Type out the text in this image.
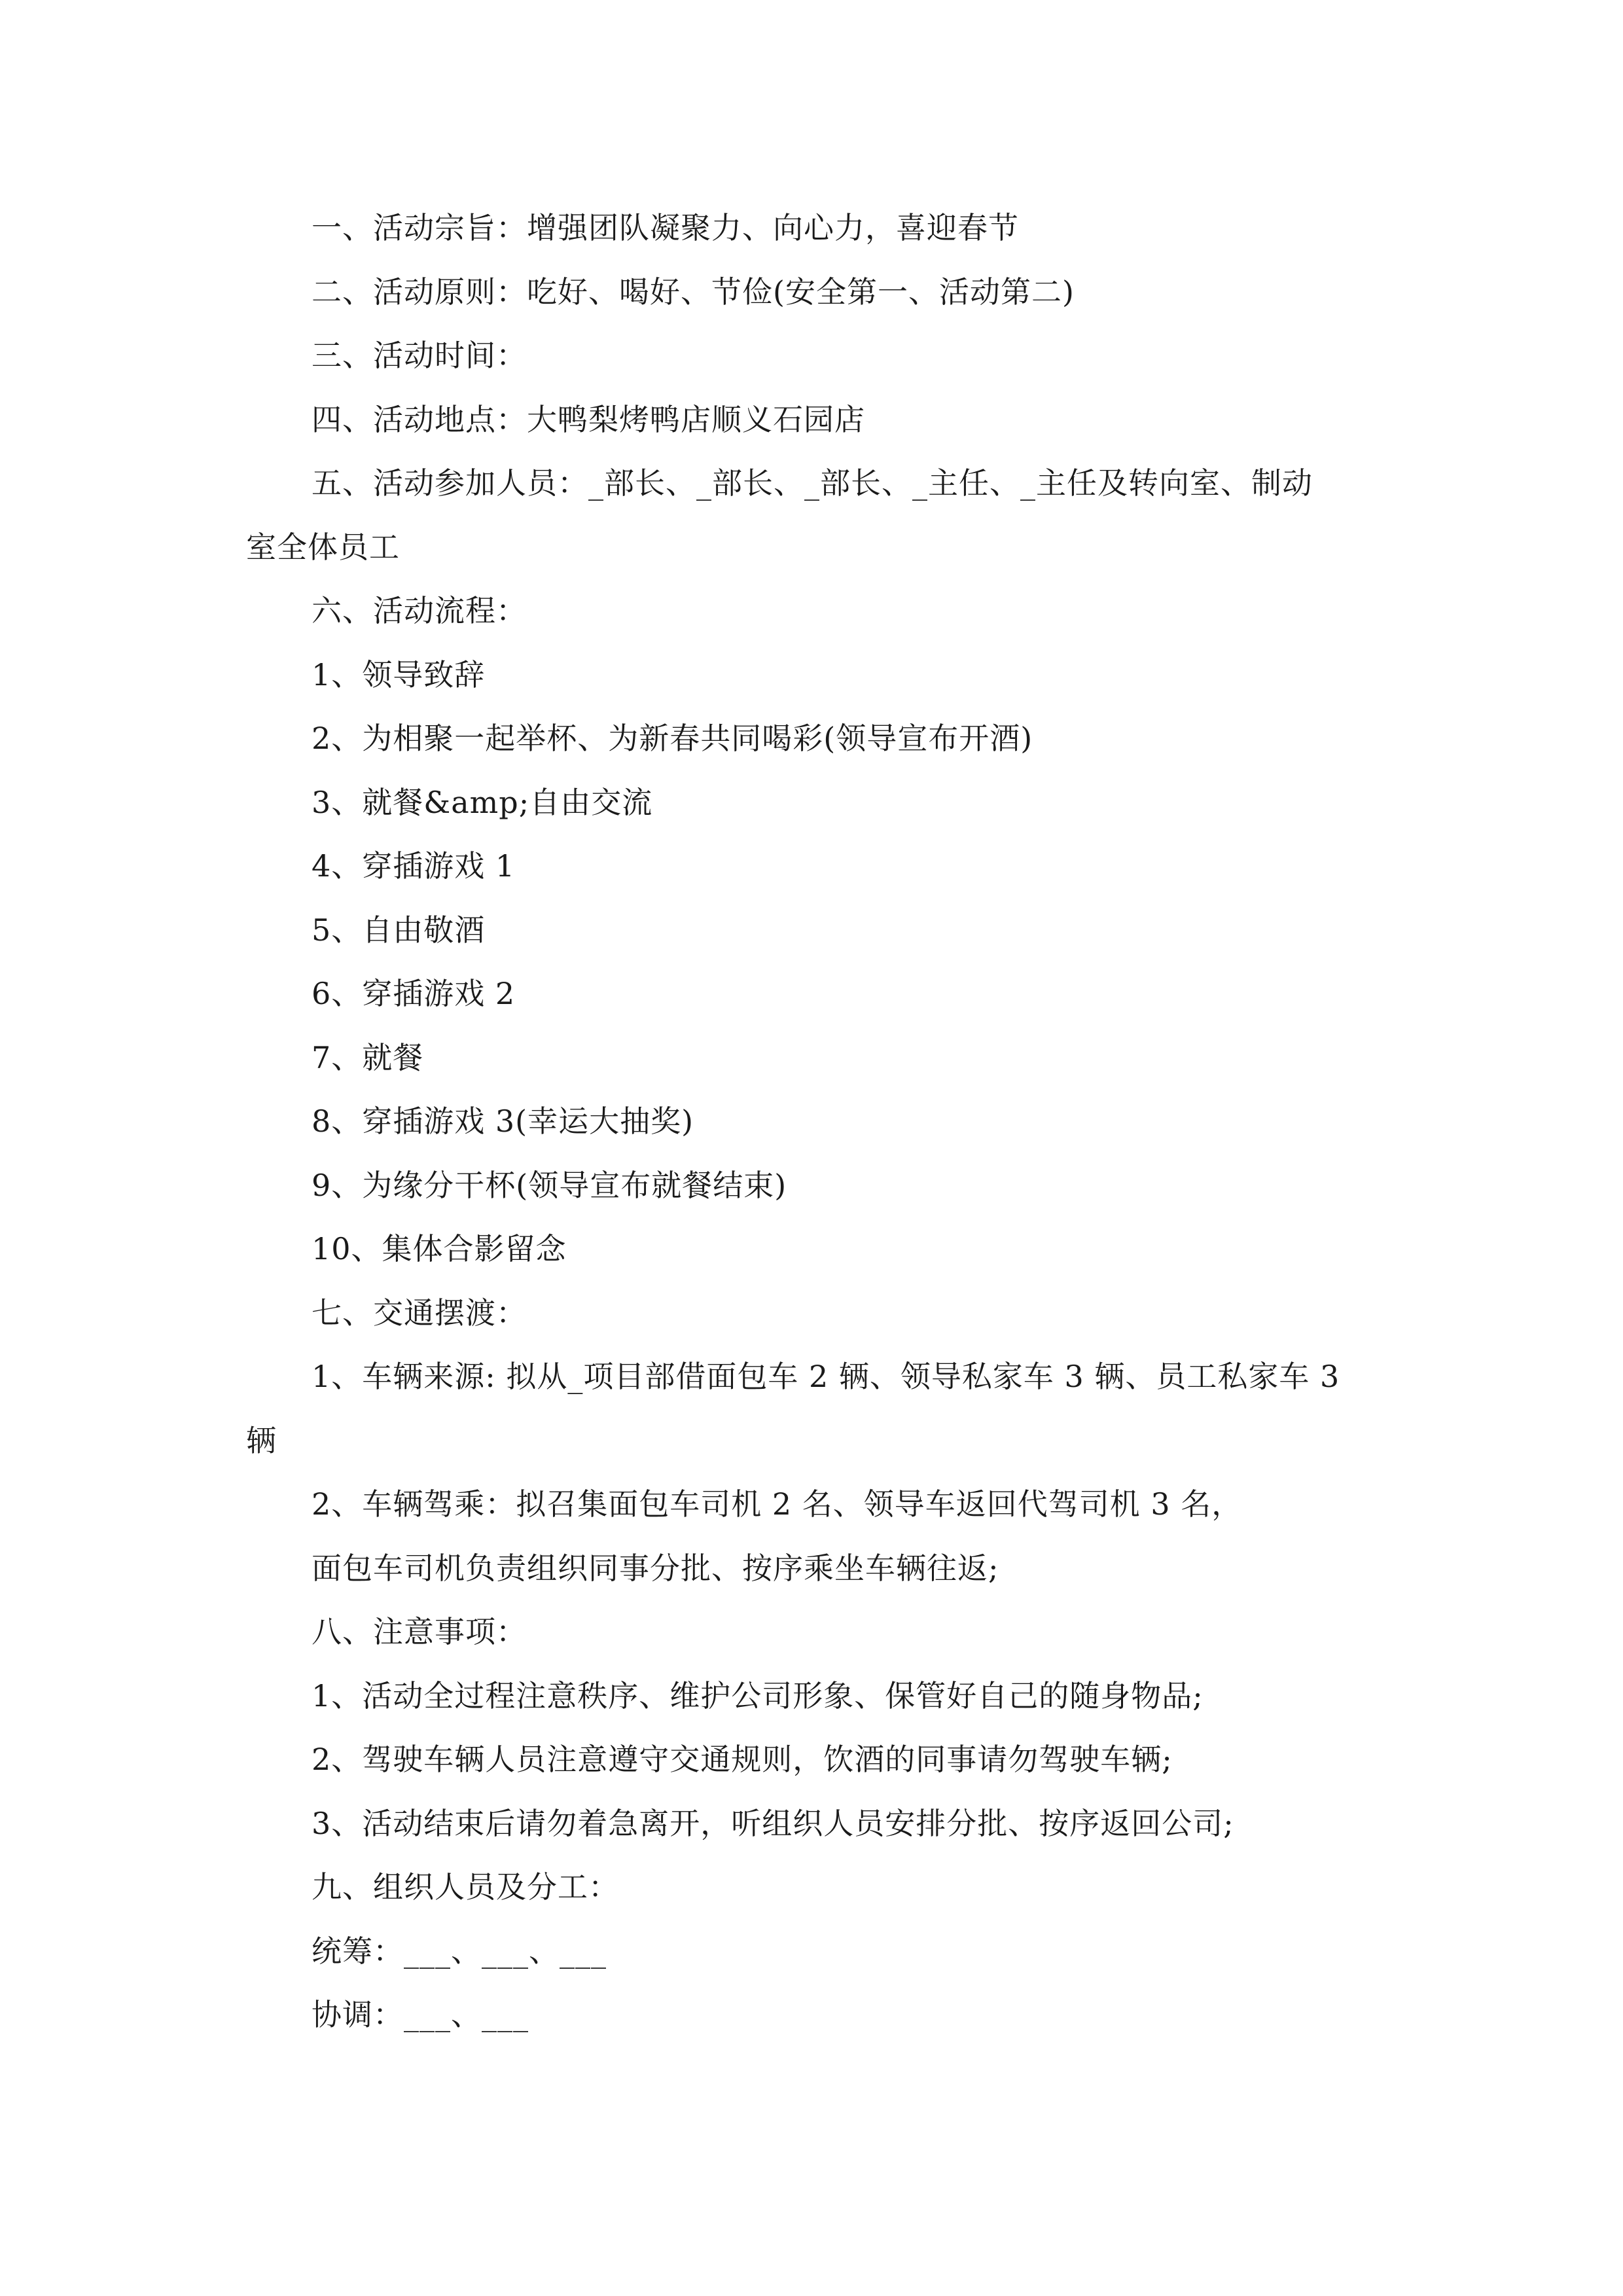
一、活动宗旨：增强团队凝聚力、向心力，喜迎春节
二、活动原则：吃好、喝好、节俭(安全第一、活动第二)
三、活动时间：
四、活动地点：大鸭梨烤鸭店顺义石园店
五、活动参加人员：_部长、_部长、_部长、_主任、_主任及转向室、制动
室全体员工
六、活动流程：
1、领导致辞
2、为相聚一起举杯、为新春共同喝彩(领导宣布开酒)
3、就餐&amp;自由交流
4、穿插游戏 1
5、自由敬酒
6、穿插游戏 2
7、就餐
8、穿插游戏 3(幸运大抽奖)
9、为缘分干杯(领导宣布就餐结束)
10、集体合影留念
七、交通摆渡：
1、车辆来源: 拟从_项目部借面包车 2 辆、领导私家车 3 辆、员工私家车 3
辆
2、车辆驾乘：拟召集面包车司机 2 名、领导车返回代驾司机 3 名，
面包车司机负责组织同事分批、按序乘坐车辆往返;
八、注意事项：
1、活动全过程注意秩序、维护公司形象、保管好自己的随身物品;
2、驾驶车辆人员注意遵守交通规则，饮酒的同事请勿驾驶车辆;
3、活动结束后请勿着急离开，听组织人员安排分批、按序返回公司;
九、组织人员及分工：
统筹：___、___、___
协调：___、___
